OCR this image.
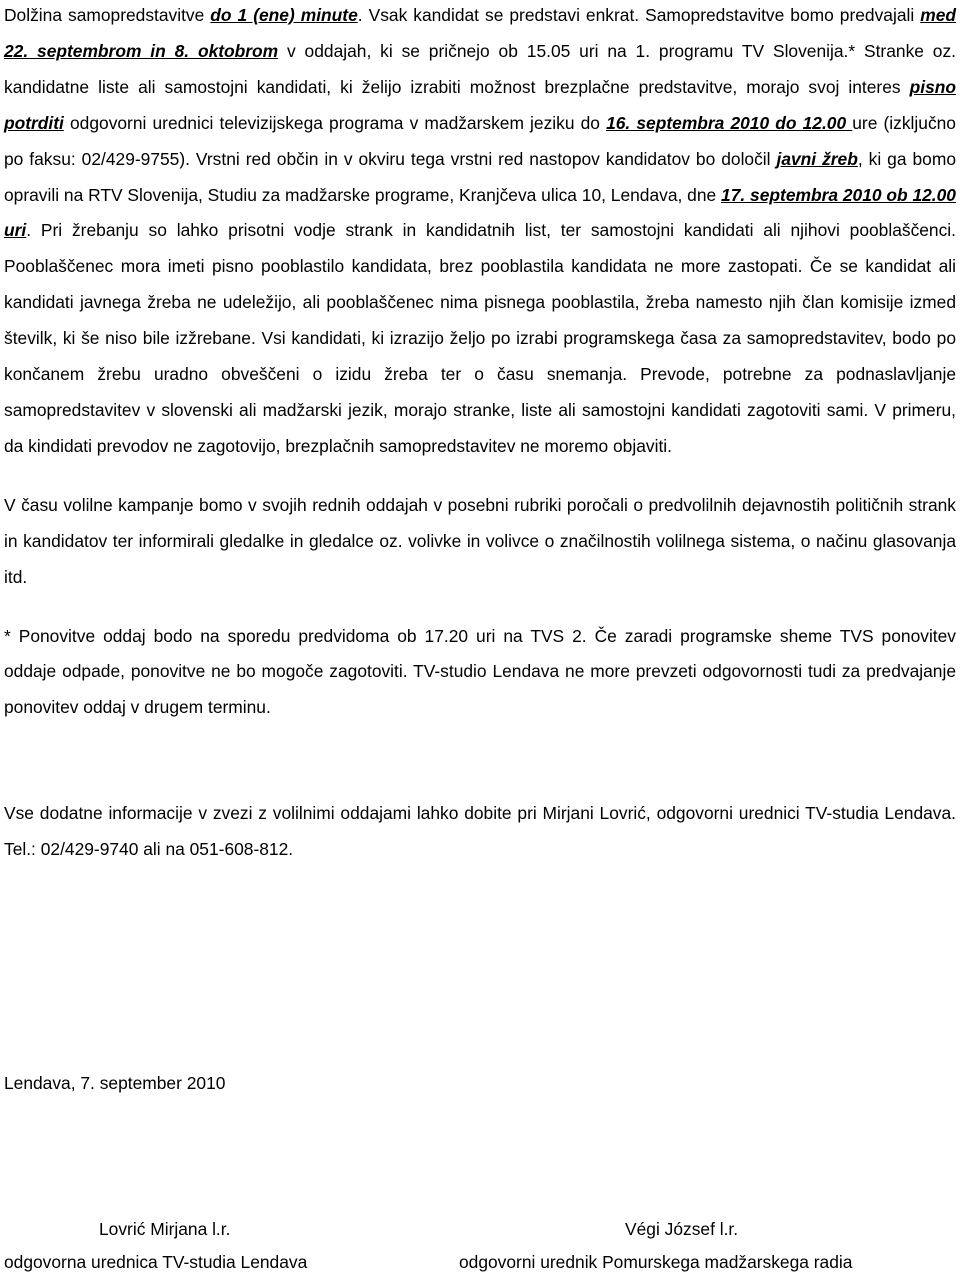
Dolžina samopredstavitve do 1 (ene) minute. Vsak kandidat se predstavi enkrat. Samopredstavitve bomo predvajali med 22. septembrom in 8. oktobrom v oddajah, ki se pričnejo ob 15.05 uri na 1. programu TV Slovenija.* Stranke oz. kandidatne liste ali samostojni kandidati, ki želijo izrabiti možnost brezplačne predstavitve, morajo svoj interes pisno potrditi odgovorni urednici televizijskega programa v madžarskem jeziku do 16. septembra 2010 do 12.00 ure (izključno po faksu: 02/429-9755). Vrstni red občin in v okviru tega vrstni red nastopov kandidatov bo določil javni žreb, ki ga bomo opravili na RTV Slovenija, Studiu za madžarske programe, Kranjčeva ulica 10, Lendava, dne 17. septembra 2010 ob 12.00 uri. Pri žrebanju so lahko prisotni vodje strank in kandidatnih list, ter samostojni kandidati ali njihovi pooblaščenci. Pooblaščenec mora imeti pisno pooblastilo kandidata, brez pooblastila kandidata ne more zastopati. Če se kandidat ali kandidati javnega žreba ne udeležijo, ali pooblaščenec nima pisnega pooblastila, žreba namesto njih član komisije izmed številk, ki še niso bile izžrebane. Vsi kandidati, ki izrazijo željo po izrabi programskega časa za samopredstavitev, bodo po končanem žrebu uradno obveščeni o izidu žreba ter o času snemanja. Prevode, potrebne za podnaslavljanje samopredstavitev v slovenski ali madžarski jezik, morajo stranke, liste ali samostojni kandidati zagotoviti sami. V primeru, da kindidati prevodov ne zagotovijo, brezplačnih samopredstavitev ne moremo objaviti.

V času volilne kampanje bomo v svojih rednih oddajah v posebni rubriki poročali o predvolilnih dejavnostih političnih strank in kandidatov ter informirali gledalke in gledalce oz. volivke in volivce o značilnostih volilnega sistema, o načinu glasovanja itd.

* Ponovitve oddaj bodo na sporedu predvidoma ob 17.20 uri na TVS 2. Če zaradi programske sheme TVS ponovitev oddaje odpade, ponovitve ne bo mogoče zagotoviti. TV-studio Lendava ne more prevzeti odgovornosti tudi za predvajanje ponovitev oddaj v drugem terminu.

Vse dodatne informacije v zvezi z volilnimi oddajami lahko dobite pri Mirjani Lovrić, odgovorni urednici TV-studia Lendava. Tel.: 02/429-9740 ali na 051-608-812.

Lendava, 7. september 2010
Lovrić Mirjana l.r.
odgovorna urednica TV-studia Lendava
Végi József l.r.
odgovorni urednik Pomurskega madžarskega radia
